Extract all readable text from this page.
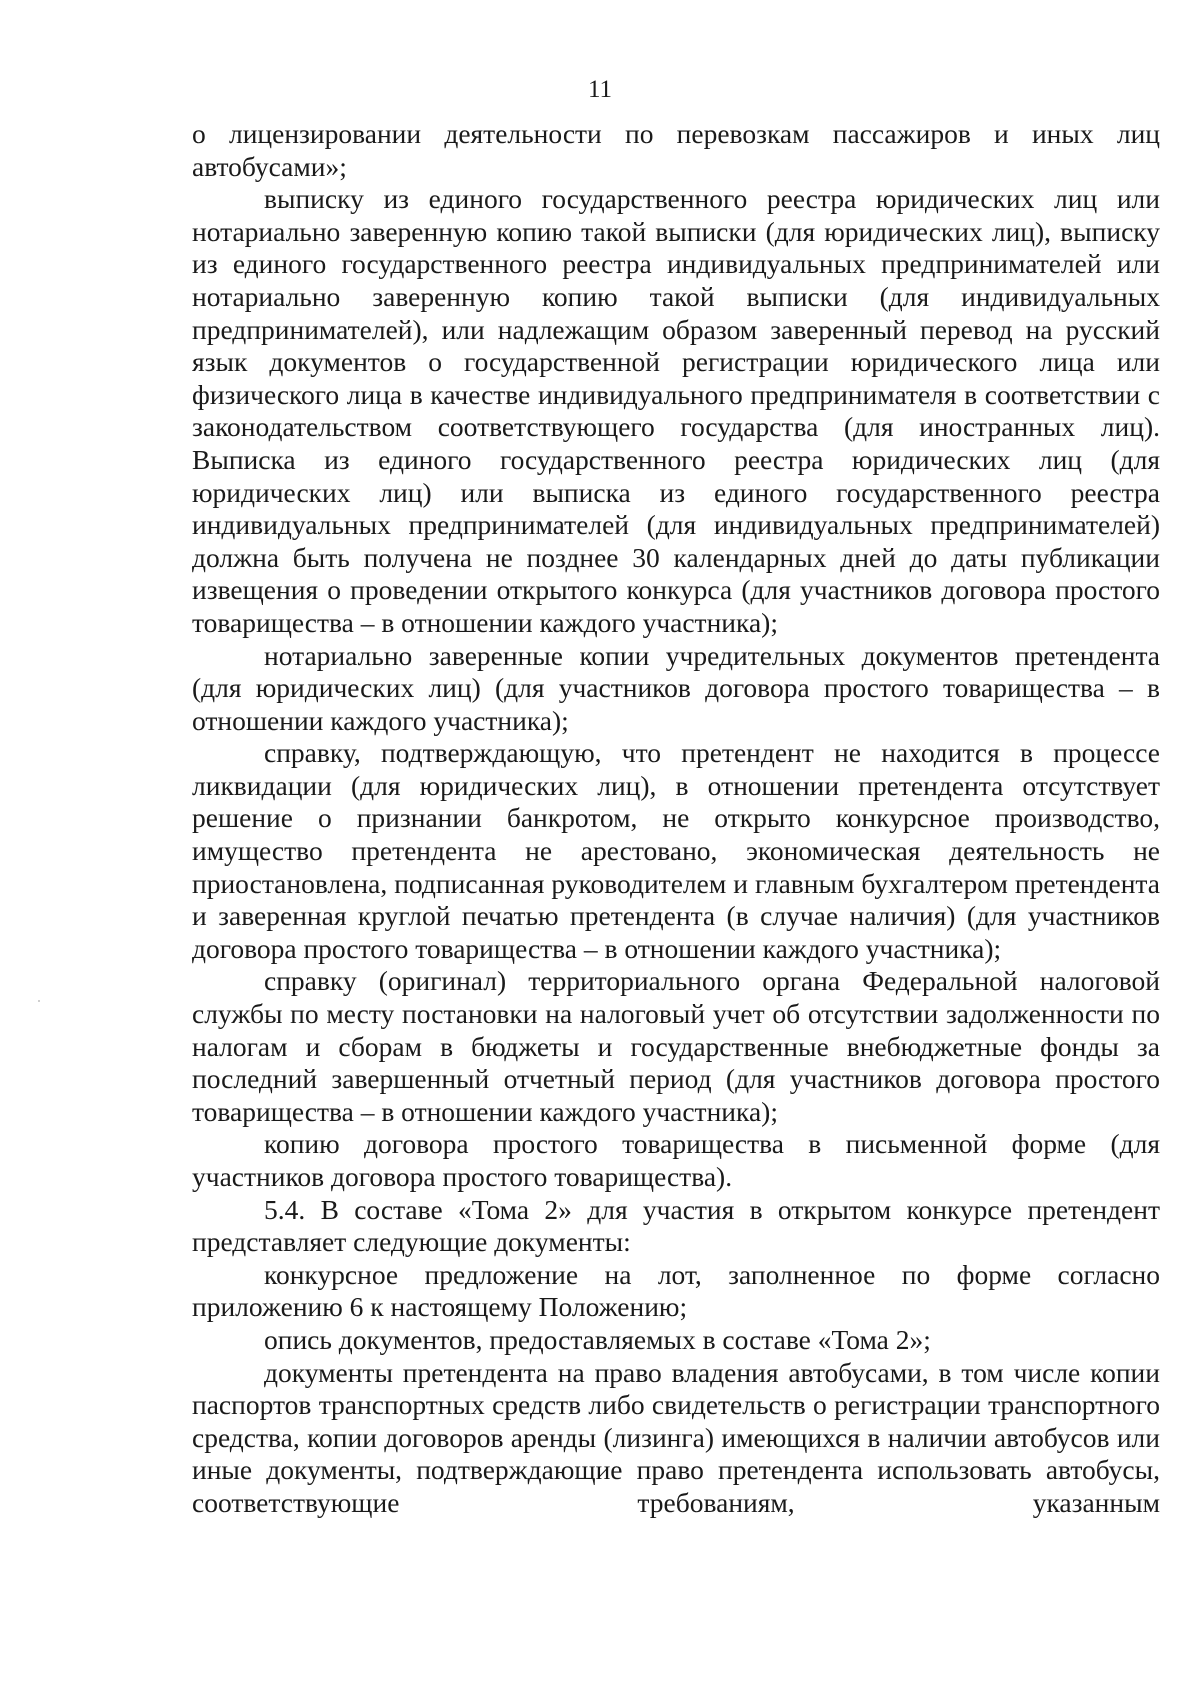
11

о лицензировании деятельности по перевозкам пассажиров и иных лиц автобусами»;

выписку из единого государственного реестра юридических лиц или нотариально заверенную копию такой выписки (для юридических лиц), выписку из единого государственного реестра индивидуальных предпринимателей или нотариально заверенную копию такой выписки (для индивидуальных предпринимателей), или надлежащим образом заверенный перевод на русский язык документов о государственной регистрации юридического лица или физического лица в качестве индивидуального предпринимателя в соответствии с законодательством соответствующего государства (для иностранных лиц). Выписка из единого государственного реестра юридических лиц (для юридических лиц) или выписка из единого государственного реестра индивидуальных предпринимателей (для индивидуальных предпринимателей) должна быть получена не позднее 30 календарных дней до даты публикации извещения о проведении открытого конкурса (для участников договора простого товарищества – в отношении каждого участника);

нотариально заверенные копии учредительных документов претендента (для юридических лиц) (для участников договора простого товарищества – в отношении каждого участника);

справку, подтверждающую, что претендент не находится в процессе ликвидации (для юридических лиц), в отношении претендента отсутствует решение о признании банкротом, не открыто конкурсное производство, имущество претендента не арестовано, экономическая деятельность не приостановлена, подписанная руководителем и главным бухгалтером претендента и заверенная круглой печатью претендента (в случае наличия) (для участников договора простого товарищества – в отношении каждого участника);

справку (оригинал) территориального органа Федеральной налоговой службы по месту постановки на налоговый учет об отсутствии задолженности по налогам и сборам в бюджеты и государственные внебюджетные фонды за последний завершенный отчетный период (для участников договора простого товарищества – в отношении каждого участника);

копию договора простого товарищества в письменной форме (для участников договора простого товарищества).

5.4. В составе «Тома 2» для участия в открытом конкурсе претендент представляет следующие документы:

конкурсное предложение на лот, заполненное по форме согласно приложению 6 к настоящему Положению;

опись документов, предоставляемых в составе «Тома 2»;

документы претендента на право владения автобусами, в том числе копии паспортов транспортных средств либо свидетельств о регистрации транспортного средства, копии договоров аренды (лизинга) имеющихся в наличии автобусов или иные документы, подтверждающие право претендента использовать автобусы, соответствующие требованиям, указанным
